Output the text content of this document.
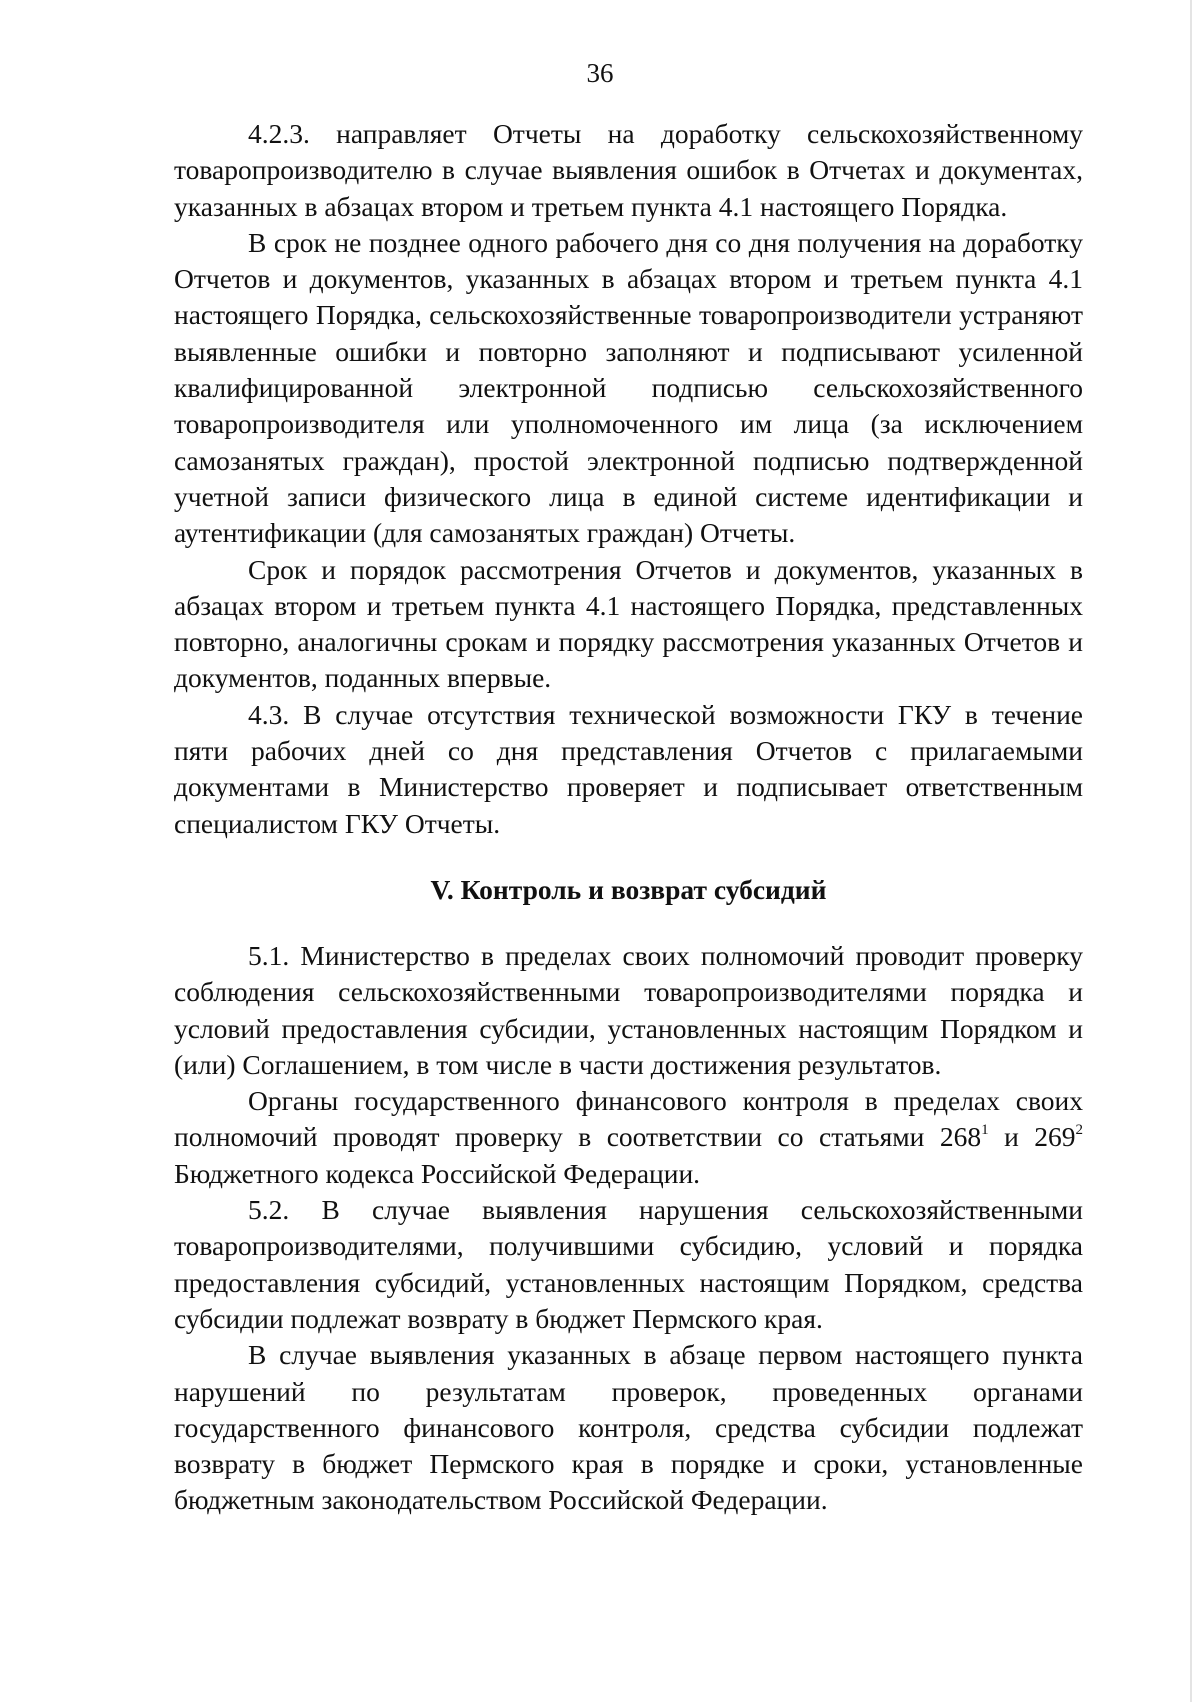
36

4.2.3. направляет Отчеты на доработку сельскохозяйственному товаропроизводителю в случае выявления ошибок в Отчетах и документах, указанных в абзацах втором и третьем пункта 4.1 настоящего Порядка.

В срок не позднее одного рабочего дня со дня получения на доработку Отчетов и документов, указанных в абзацах втором и третьем пункта 4.1 настоящего Порядка, сельскохозяйственные товаропроизводители устраняют выявленные ошибки и повторно заполняют и подписывают усиленной квалифицированной электронной подписью сельскохозяйственного товаропроизводителя или уполномоченного им лица (за исключением самозанятых граждан), простой электронной подписью подтвержденной учетной записи физического лица в единой системе идентификации и аутентификации (для самозанятых граждан) Отчеты.

Срок и порядок рассмотрения Отчетов и документов, указанных в абзацах втором и третьем пункта 4.1 настоящего Порядка, представленных повторно, аналогичны срокам и порядку рассмотрения указанных Отчетов и документов, поданных впервые.

4.3. В случае отсутствия технической возможности ГКУ в течение пяти рабочих дней со дня представления Отчетов с прилагаемыми документами в Министерство проверяет и подписывает ответственным специалистом ГКУ Отчеты.

V. Контроль и возврат субсидий

5.1. Министерство в пределах своих полномочий проводит проверку соблюдения сельскохозяйственными товаропроизводителями порядка и условий предоставления субсидии, установленных настоящим Порядком и (или) Соглашением, в том числе в части достижения результатов.

Органы государственного финансового контроля в пределах своих полномочий проводят проверку в соответствии со статьями $268^1$ и $269^2$ Бюджетного кодекса Российской Федерации.

5.2. В случае выявления нарушения сельскохозяйственными товаропроизводителями, получившими субсидию, условий и порядка предоставления субсидий, установленных настоящим Порядком, средства субсидии подлежат возврату в бюджет Пермского края.

В случае выявления указанных в абзаце первом настоящего пункта нарушений по результатам проверок, проведенных органами государственного финансового контроля, средства субсидии подлежат возврату в бюджет Пермского края в порядке и сроки, установленные бюджетным законодательством Российской Федерации.
